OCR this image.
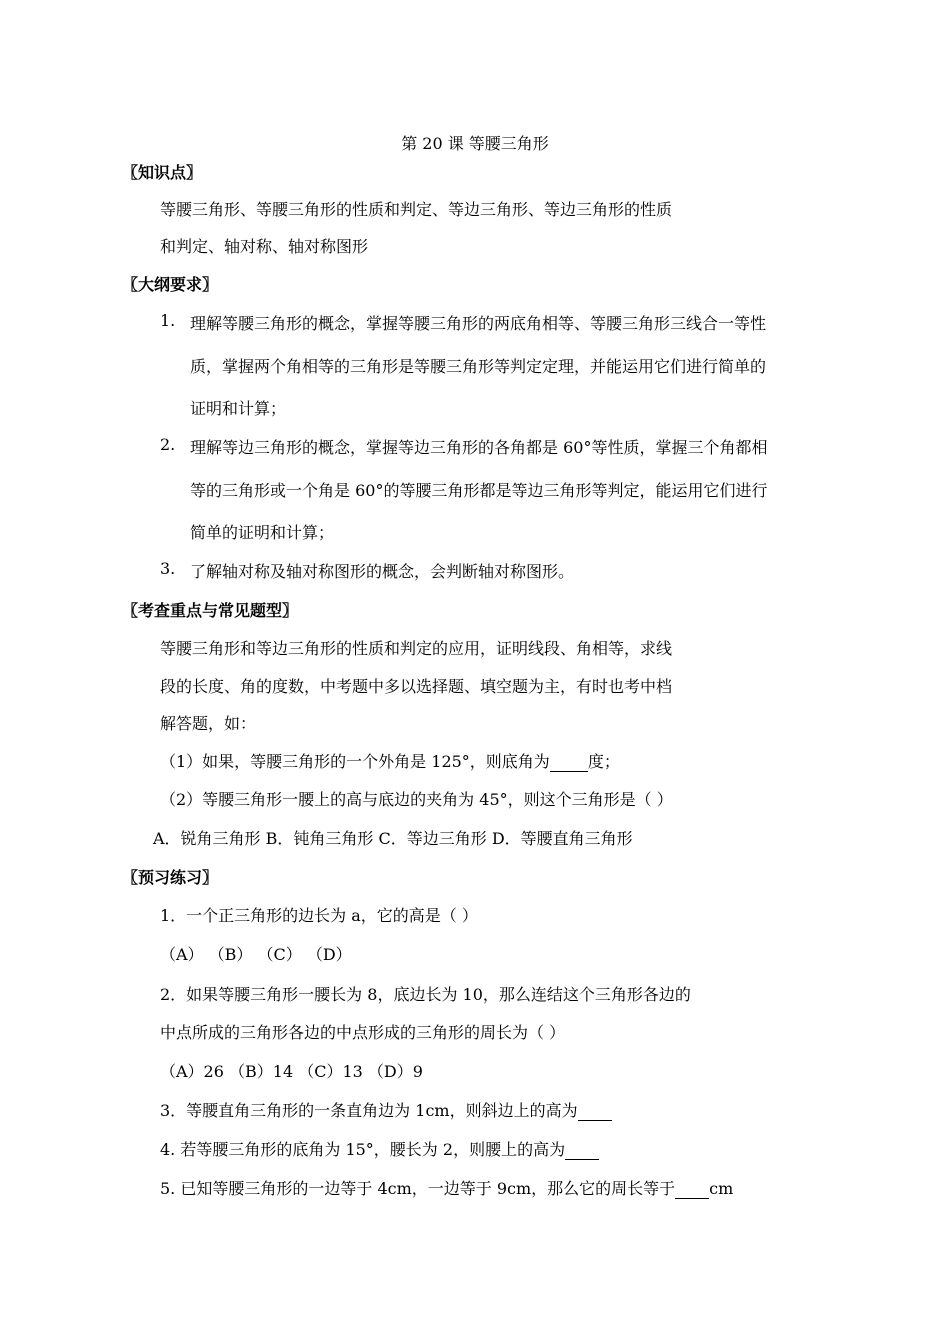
第 20 课 等腰三角形
〖知识点〗
等腰三角形、等腰三角形的性质和判定、等边三角形、等边三角形的性质
和判定、轴对称、轴对称图形
〖大纲要求〗
1. 理解等腰三角形的概念，掌握等腰三角形的两底角相等、等腰三角形三线合一等性
质，掌握两个角相等的三角形是等腰三角形等判定定理，并能运用它们进行简单的
证明和计算；
2. 理解等边三角形的概念，掌握等边三角形的各角都是 60°等性质，掌握三个角都相
等的三角形或一个角是 60°的等腰三角形都是等边三角形等判定，能运用它们进行
简单的证明和计算；
3. 了解轴对称及轴对称图形的概念，会判断轴对称图形。
〖考查重点与常见题型〗
等腰三角形和等边三角形的性质和判定的应用，证明线段、角相等，求线
段的长度、角的度数，中考题中多以选择题、填空题为主，有时也考中档
解答题，如：
（1）如果，等腰三角形的一个外角是 125°，则底角为 度；
（2）等腰三角形一腰上的高与底边的夹角为 45°，则这个三角形是（ ）
A．锐角三角形 B．钝角三角形 C．等边三角形 D．等腰直角三角形
〖预习练习〗
1．一个正三角形的边长为 a，它的高是（ ）
（A） （B） （C） （D）
2．如果等腰三角形一腰长为 8，底边长为 10，那么连结这个三角形各边的
中点所成的三角形各边的中点形成的三角形的周长为（ ）
（A）26 （B）14 （C）13 （D）9
3．等腰直角三角形的一条直角边为 1cm，则斜边上的高为
4. 若等腰三角形的底角为 15°，腰长为 2，则腰上的高为
5. 已知等腰三角形的一边等于 4cm，一边等于 9cm，那么它的周长等于 cm
